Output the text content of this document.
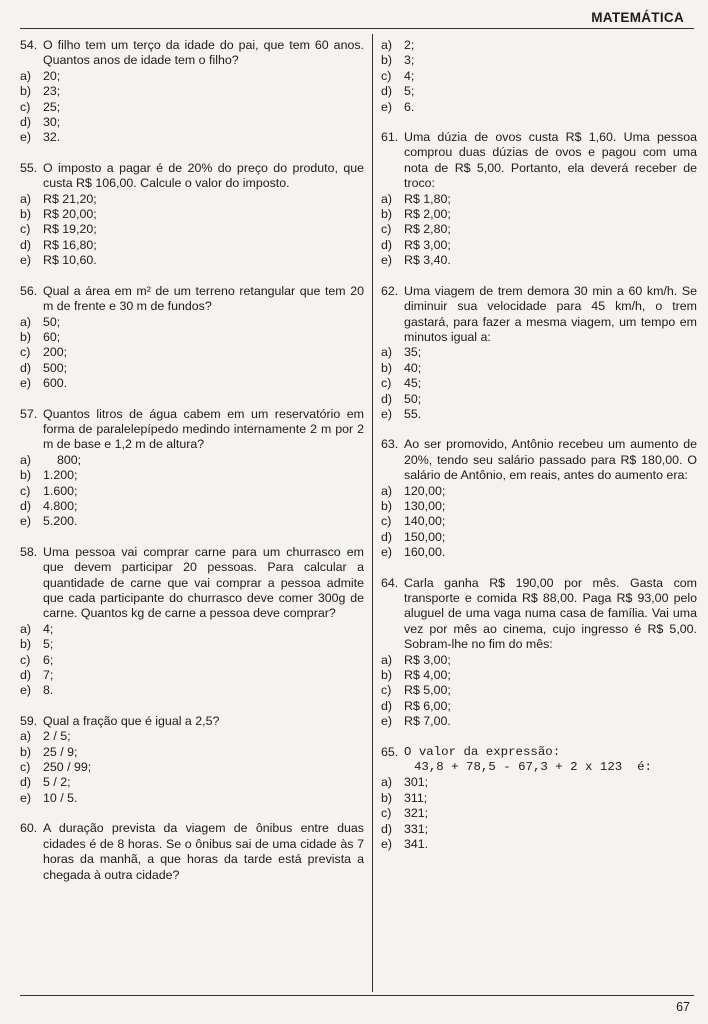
MATEMÁTICA
54. O filho tem um terço da idade do pai, que tem 60 anos. Quantos anos de idade tem o filho?
a) 20;
b) 23;
c)	25;
d) 30;
e) 32.
55. O imposto a pagar é de 20% do preço do produto, que custa R$ 106,00. Calcule o valor do imposto.
a) R$ 21,20;
b) R$ 20,00;
c)	R$ 19,20;
d) R$ 16,80;
e) R$ 10,60.
56. Qual a área em m² de um terreno retangular que tem 20 m de frente e 30 m de fundos?
a) 50;
b) 60;
c)	200;
d) 500;
e) 600.
57. Quantos litros de água cabem em um reservatório em forma de paralelepípedo medindo internamente 2 m por 2 m de base e 1,2 m de altura?
a)	800;
b) 1.200;
c)	1.600;
d) 4.800;
e) 5.200.
58. Uma pessoa vai comprar carne para um churrasco em que devem participar 20 pessoas. Para calcular a quantidade de carne que vai comprar a pessoa admite que cada participante do churrasco deve comer 300g de carne. Quantos kg de carne a pessoa deve comprar?
a) 4;
b) 5;
c)	6;
d) 7;
e) 8.
59. Qual a fração que é igual a 2,5?
a) 2 / 5;
b) 25 / 9;
c)	250 / 99;
d) 5 / 2;
e) 10 / 5.
60. A duração prevista da viagem de ônibus entre duas cidades é de 8 horas. Se o ônibus sai de uma cidade às 7 horas da manhã, a que horas da tarde está prevista a chegada à outra cidade?
a) 2;
b) 3;
c)	4;
d) 5;
e) 6.
61. Uma dúzia de ovos custa R$ 1,60. Uma pessoa comprou duas dúzias de ovos e pagou com uma nota de R$ 5,00. Portanto, ela deverá receber de troco:
a) R$ 1,80;
b) R$ 2,00;
c)	R$ 2,80;
d) R$ 3,00;
e) R$ 3,40.
62. Uma viagem de trem demora 30 min a 60 km/h. Se diminuir sua velocidade para 45 km/h, o trem gastará, para fazer a mesma viagem, um tempo em minutos igual a:
a) 35;
b) 40;
c)	45;
d) 50;
e) 55.
63. Ao ser promovido, Antônio recebeu um aumento de 20%, tendo seu salário passado para R$ 180,00. O salário de Antônio, em reais, antes do aumento era:
a) 120,00;
b) 130,00;
c)	140,00;
d) 150,00;
e) 160,00.
64. Carla ganha R$ 190,00 por mês. Gasta com transporte e comida R$ 88,00. Paga R$ 93,00 pelo aluguel de uma vaga numa casa de família. Vai uma vez por mês ao cinema, cujo ingresso é R$ 5,00. Sobram-lhe no fim do mês:
a) R$ 3,00;
b) R$ 4,00;
c)	R$ 5,00;
d) R$ 6,00;
e) R$ 7,00.
65. O valor da expressão:
43,8 + 78,5 - 67,3 + 2 x 123  é:
a) 301;
b) 311;
c)	321;
d) 331;
e) 341.
67
